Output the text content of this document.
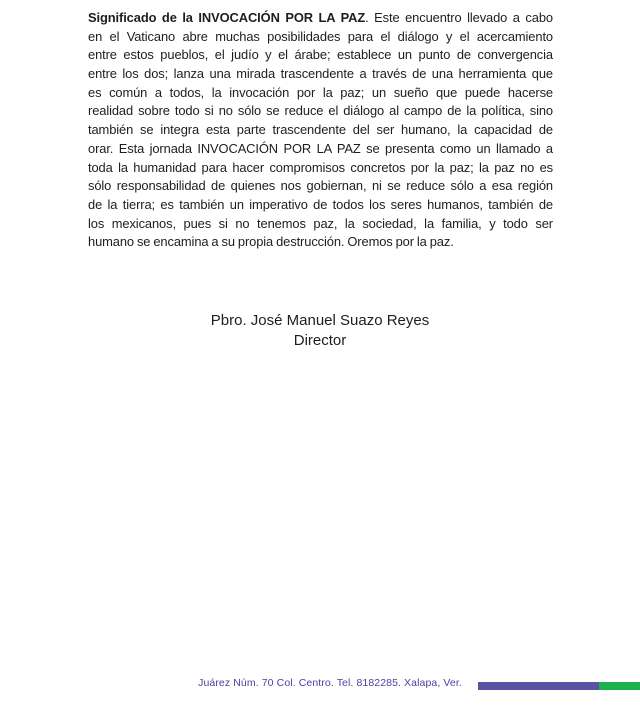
Significado de la INVOCACIÓN POR LA PAZ. Este encuentro llevado a cabo
en el Vaticano abre muchas posibilidades para el diálogo y el acercamiento
entre estos pueblos, el judío y el árabe; establece un punto de convergencia
entre los dos; lanza una mirada trascendente a través de una herramienta que
es común a todos, la invocación por la paz; un sueño que puede hacerse
realidad sobre todo si no sólo se reduce el diálogo al campo de la política, sino
también se integra esta parte trascendente del ser humano, la capacidad de
orar. Esta jornada INVOCACIÓN POR LA PAZ se presenta como un llamado a
toda la humanidad para hacer compromisos concretos por la paz; la paz no es
sólo responsabilidad de quienes nos gobiernan, ni se reduce sólo a esa región
de la tierra; es también un imperativo de todos los seres humanos, también de
los mexicanos, pues si no tenemos paz, la sociedad, la familia, y todo ser
humano se encamina a su propia destrucción. Oremos por la paz.
Pbro. José Manuel Suazo Reyes
Director
Juárez Núm. 70 Col. Centro. Tel. 8182285. Xalapa, Ver.
